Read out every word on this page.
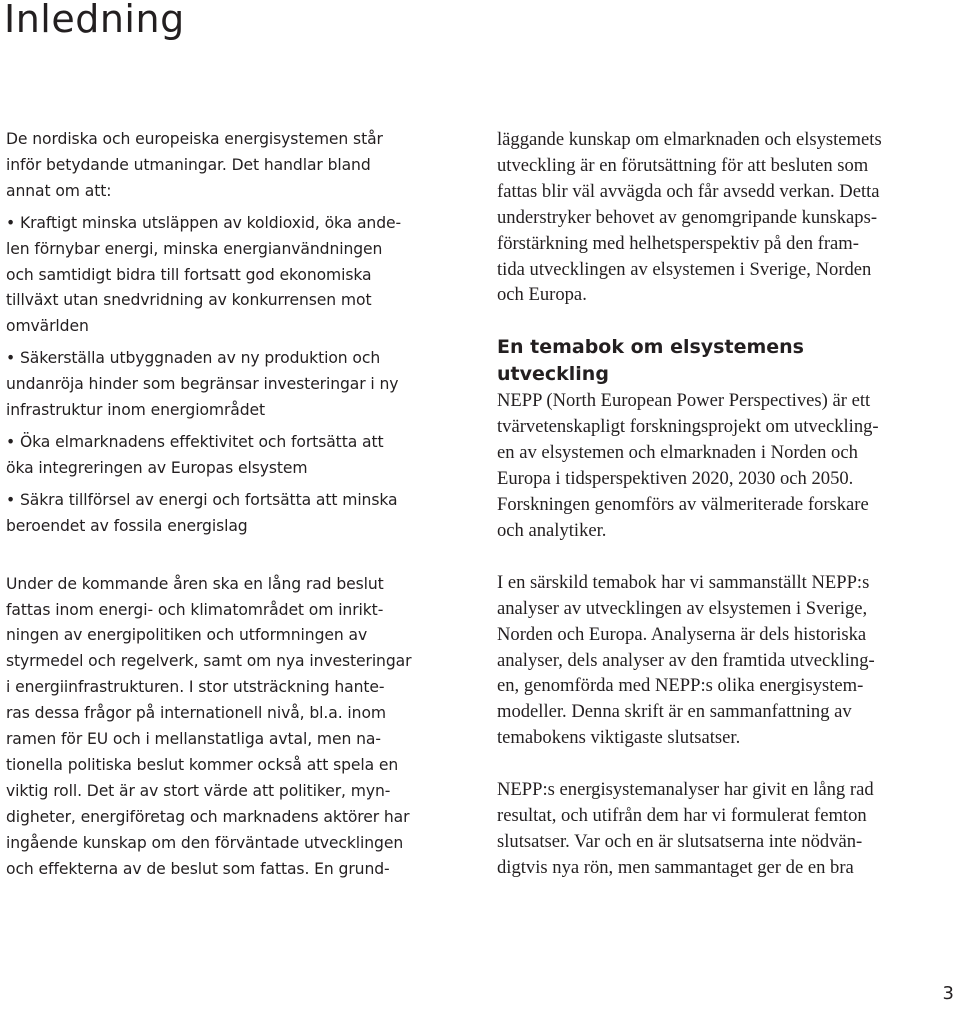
Inledning

De nordiska och europeiska energisystemen står
inför betydande utmaningar. Det handlar bland
annat om att:

• Kraftigt minska utsläppen av koldioxid, öka ande-
len förnybar energi, minska energianvändningen
och samtidigt bidra till fortsatt god ekonomiska
tillväxt utan snedvridning av konkurrensen mot
omvärlden
• Säkerställa utbyggnaden av ny produktion och
undanröja hinder som begränsar investeringar i ny
infrastruktur inom energiområdet
• Öka elmarknadens effektivitet och fortsätta att
öka integreringen av Europas elsystem
• Säkra tillförsel av energi och fortsätta att minska
beroendet av fossila energislag

Under de kommande åren ska en lång rad beslut
fattas inom energi- och klimatområdet om inrikt-
ningen av energipolitiken och utformningen av
styrmedel och regelverk, samt om nya investeringar
i energiinfrastrukturen. I stor utsträckning hante-
ras dessa frågor på internationell nivå, bl.a. inom
ramen för EU och i mellanstatliga avtal, men na-
tionella politiska beslut kommer också att spela en
viktig roll. Det är av stort värde att politiker, myn-
digheter, energiföretag och marknadens aktörer har
ingående kunskap om den förväntade utvecklingen
och effekterna av de beslut som fattas. En grund-

läggande kunskap om elmarknaden och elsystemets
utveckling är en förutsättning för att besluten som
fattas blir väl avvägda och får avsedd verkan. Detta
understryker behovet av genomgripande kunskaps-
förstärkning med helhetsperspektiv på den fram-
tida utvecklingen av elsystemen i Sverige, Norden
och Europa.

En temabok om elsystemens
utveckling

NEPP (North European Power Perspectives) är ett
tvärvetenskapligt forskningsprojekt om utveckling-
en av elsystemen och elmarknaden i Norden och
Europa i tidsperspektiven 2020, 2030 och 2050.
Forskningen genomförs av välmeriterade forskare
och analytiker.

I en särskild temabok har vi sammanställt NEPP:s
analyser av utvecklingen av elsystemen i Sverige,
Norden och Europa. Analyserna är dels historiska
analyser, dels analyser av den framtida utveckling-
en, genomförda med NEPP:s olika energisystem-
modeller. Denna skrift är en sammanfattning av
temabokens viktigaste slutsatser.

NEPP:s energisystemanalyser har givit en lång rad
resultat, och utifrån dem har vi formulerat femton
slutsatser. Var och en är slutsatserna inte nödvän-
digtvis nya rön, men sammantaget ger de en bra

3
